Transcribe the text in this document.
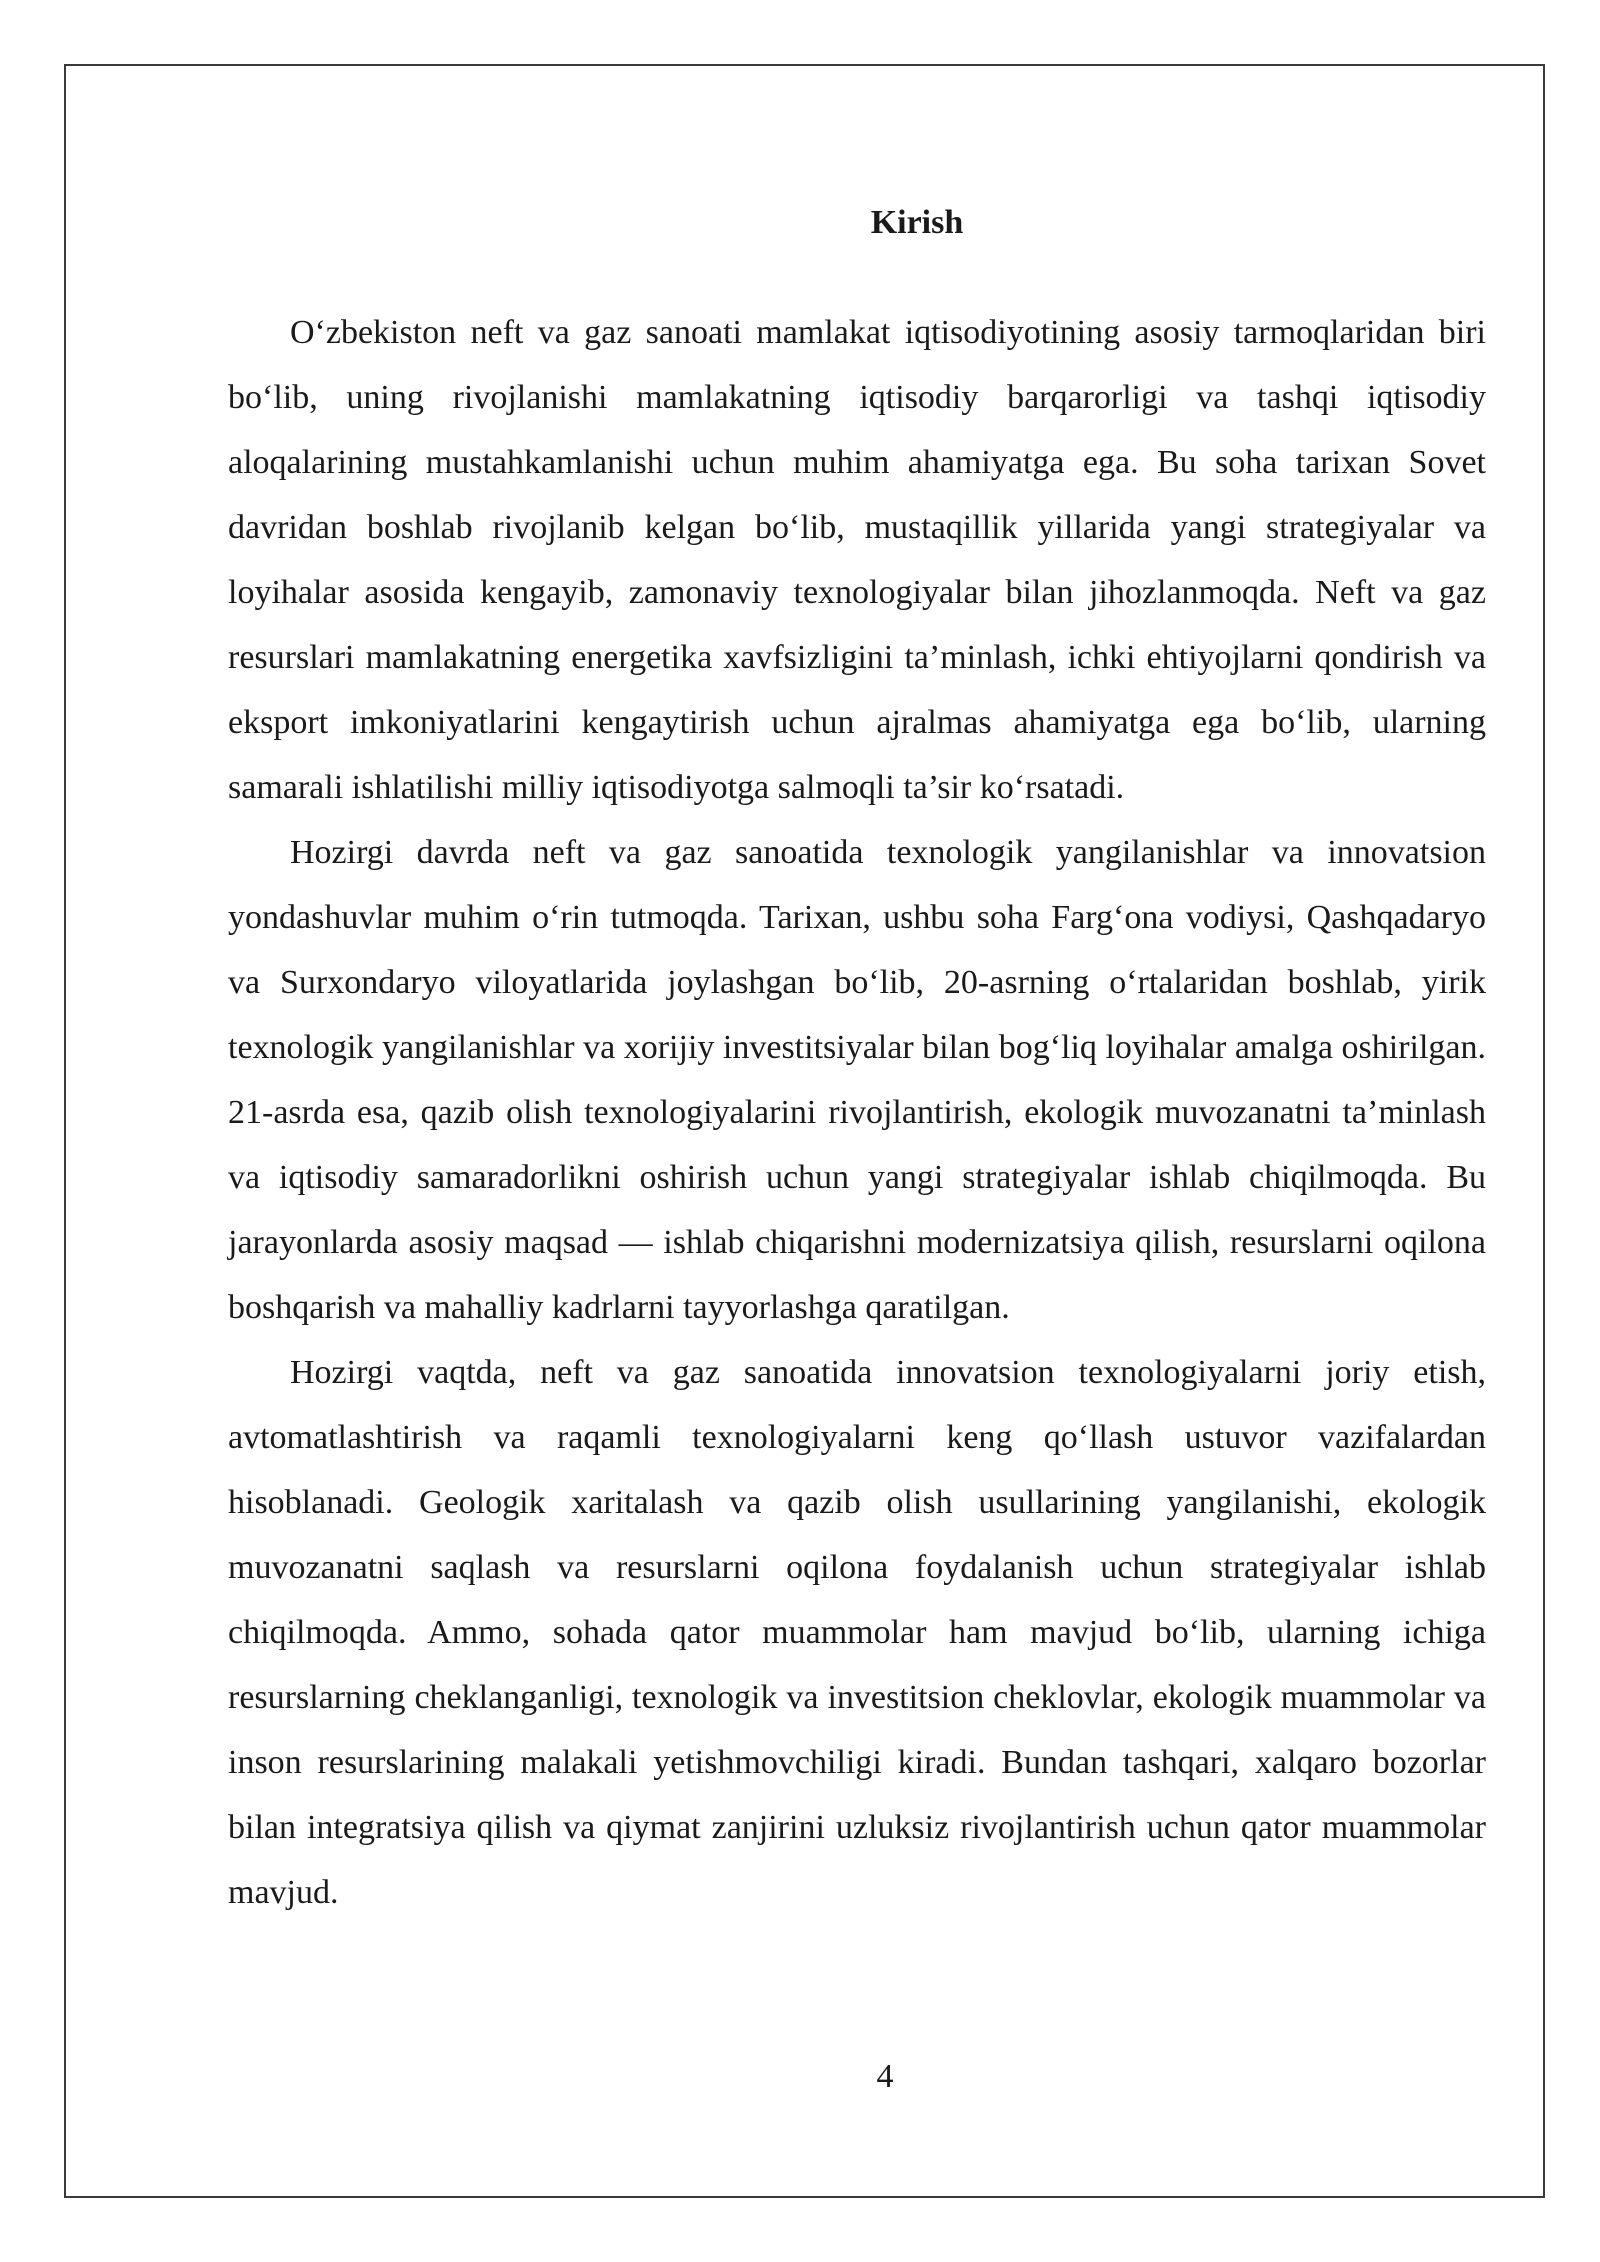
Kirish

O‘zbekiston neft va gaz sanoati mamlakat iqtisodiyotining asosiy tarmoqlaridan biri bo‘lib, uning rivojlanishi mamlakatning iqtisodiy barqarorligi va tashqi iqtisodiy aloqalarining mustahkamlanishi uchun muhim ahamiyatga ega. Bu soha tarixan Sovet davridan boshlab rivojlanib kelgan bo‘lib, mustaqillik yillarida yangi strategiyalar va loyihalar asosida kengayib, zamonaviy texnologiyalar bilan jihozlanmoqda. Neft va gaz resurslari mamlakatning energetika xavfsizligini ta’minlash, ichki ehtiyojlarni qondirish va eksport imkoniyatlarini kengaytirish uchun ajralmas ahamiyatga ega bo‘lib, ularning samarali ishlatilishi milliy iqtisodiyotga salmoqli ta’sir ko‘rsatadi.

Hozirgi davrda neft va gaz sanoatida texnologik yangilanishlar va innovatsion yondashuvlar muhim o‘rin tutmoqda. Tarixan, ushbu soha Farg‘ona vodiysi, Qashqadaryo va Surxondaryo viloyatlarida joylashgan bo‘lib, 20-asrning o‘rtalaridan boshlab, yirik texnologik yangilanishlar va xorijiy investitsiyalar bilan bog‘liq loyihalar amalga oshirilgan. 21-asrda esa, qazib olish texnologiyalarini rivojlantirish, ekologik muvozanatni ta’minlash va iqtisodiy samaradorlikni oshirish uchun yangi strategiyalar ishlab chiqilmoqda. Bu jarayonlarda asosiy maqsad — ishlab chiqarishni modernizatsiya qilish, resurslarni oqilona boshqarish va mahalliy kadrlarni tayyorlashga qaratilgan.

Hozirgi vaqtda, neft va gaz sanoatida innovatsion texnologiyalarni joriy etish, avtomatlashtirish va raqamli texnologiyalarni keng qo‘llash ustuvor vazifalardan hisoblanadi. Geologik xaritalash va qazib olish usullarining yangilanishi, ekologik muvozanatni saqlash va resurslarni oqilona foydalanish uchun strategiyalar ishlab chiqilmoqda. Ammo, sohada qator muammolar ham mavjud bo‘lib, ularning ichiga resurslarning cheklanganligi, texnologik va investitsion cheklovlar, ekologik muammolar va inson resurslarining malakali yetishmovchiligi kiradi. Bundan tashqari, xalqaro bozorlar bilan integratsiya qilish va qiymat zanjirini uzluksiz rivojlantirish uchun qator muammolar mavjud.

4
